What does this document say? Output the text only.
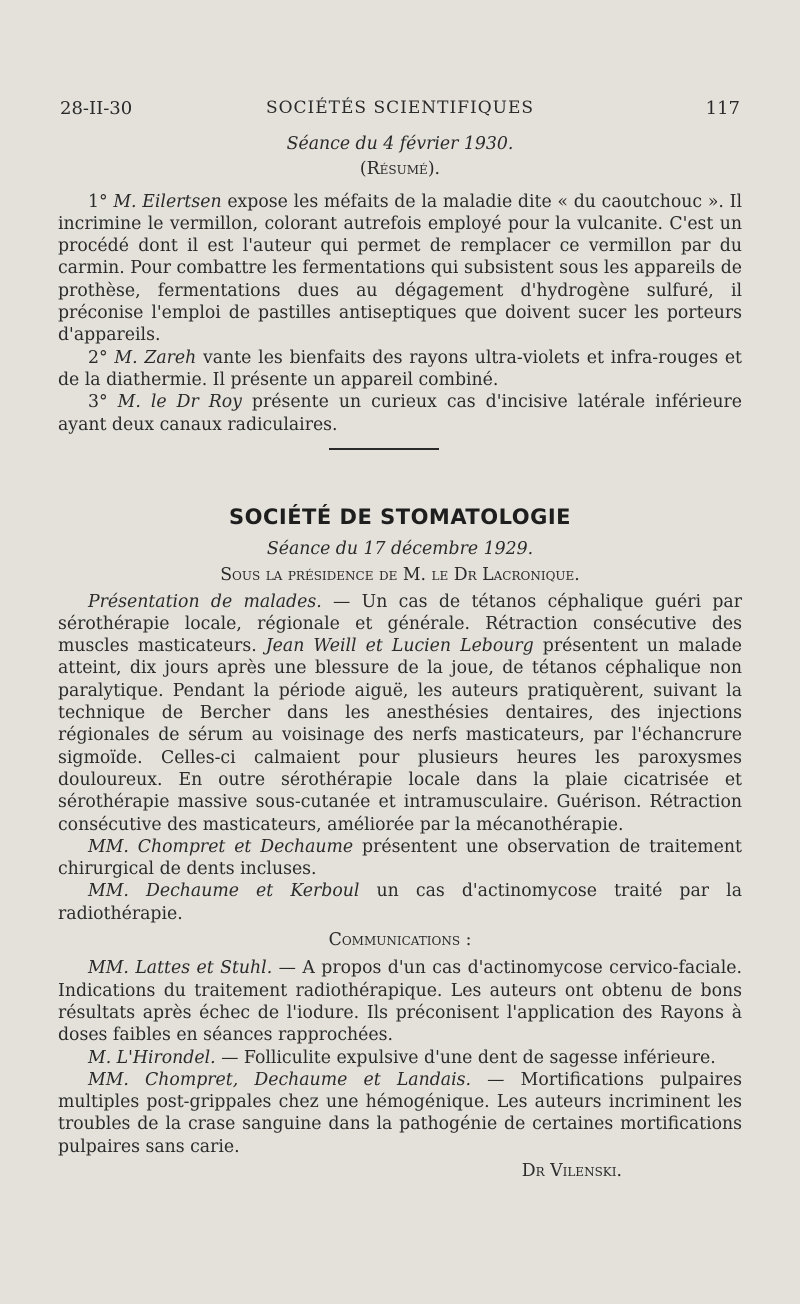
28-II-30	SOCIÉTÉS SCIENTIFIQUES	117

Séance du 4 février 1930.

(Résumé).

1° M. Eilertsen expose les méfaits de la maladie dite « du caoutchouc ». Il incrimine le vermillon, colorant autrefois employé pour la vulcanite. C'est un procédé dont il est l'auteur qui permet de remplacer ce vermillon par du carmin. Pour combattre les fermentations qui subsistent sous les appareils de prothèse, fermentations dues au dégagement d'hydrogène sulfuré, il préconise l'emploi de pastilles antiseptiques que doivent sucer les porteurs d'appareils.

2° M. Zareh vante les bienfaits des rayons ultra-violets et infra-rouges et de la diathermie. Il présente un appareil combiné.

3° M. le Dr Roy présente un curieux cas d'incisive latérale inférieure ayant deux canaux radiculaires.

SOCIÉTÉ DE STOMATOLOGIE

Séance du 17 décembre 1929.

Sous la présidence de M. le Dr Lacronique.

Présentation de malades. — Un cas de tétanos céphalique guéri par sérothérapie locale, régionale et générale. Rétraction consécutive des muscles masticateurs. Jean Weill et Lucien Lebourg présentent un malade atteint, dix jours après une blessure de la joue, de tétanos céphalique non paralytique. Pendant la période aiguë, les auteurs pratiquèrent, suivant la technique de Bercher dans les anesthésies dentaires, des injections régionales de sérum au voisinage des nerfs masticateurs, par l'échancrure sigmoïde. Celles-ci calmaient pour plusieurs heures les paroxysmes douloureux. En outre sérothérapie locale dans la plaie cicatrisée et sérothérapie massive sous-cutanée et intramusculaire. Guérison. Rétraction consécutive des masticateurs, améliorée par la mécanothérapie.

MM. Chompret et Dechaume présentent une observation de traitement chirurgical de dents incluses.

MM. Dechaume et Kerboul un cas d'actinomycose traité par la radiothérapie.

Communications :

MM. Lattes et Stuhl. — A propos d'un cas d'actinomycose cervico-faciale. Indications du traitement radiothérapique. Les auteurs ont obtenu de bons résultats après échec de l'iodure. Ils préconisent l'application des Rayons à doses faibles en séances rapprochées.

M. L'Hirondel. — Folliculite expulsive d'une dent de sagesse inférieure.

MM. Chompret, Dechaume et Landais. — Mortifications pulpaires multiples post-grippales chez une hémogénique. Les auteurs incriminent les troubles de la crase sanguine dans la pathogénie de certaines mortifications pulpaires sans carie.

Dr Vilenski.
